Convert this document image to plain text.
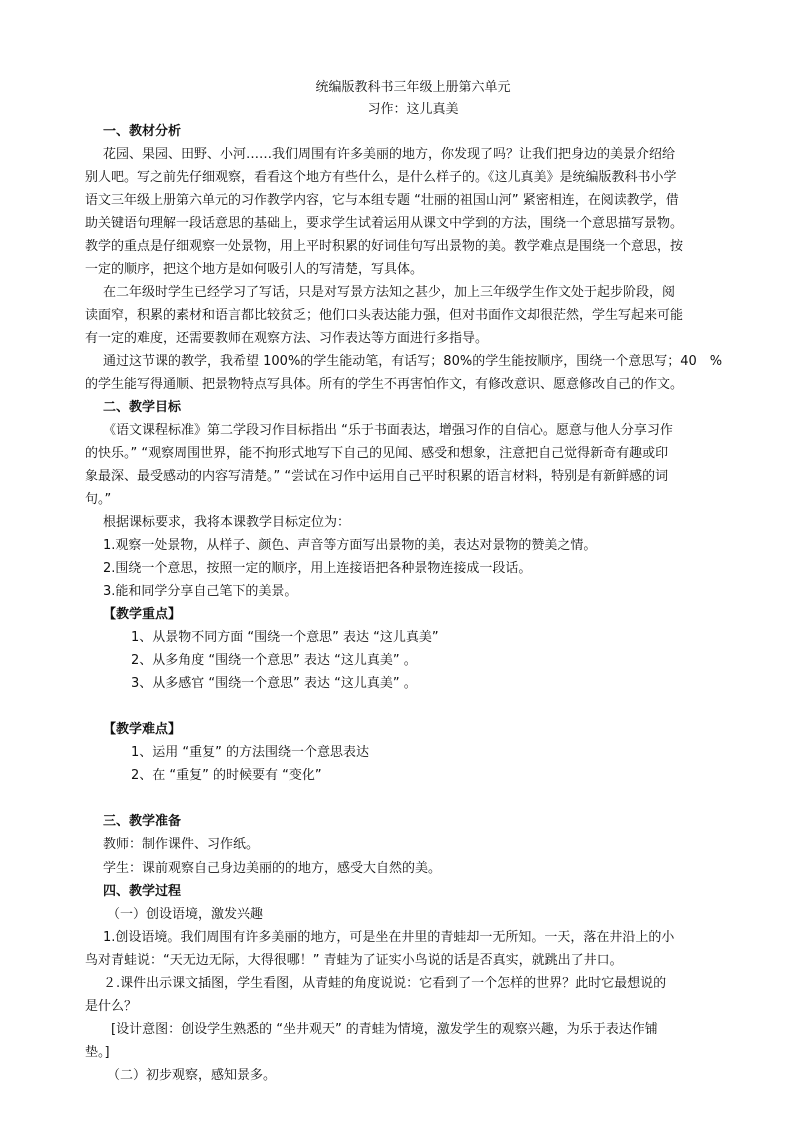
统编版教科书三年级上册第六单元
习作：这儿真美
一、教材分析
花园、果园、田野、小河……我们周围有许多美丽的地方，你发现了吗？让我们把身边的美景介绍给
别人吧。写之前先仔细观察，看看这个地方有些什么，是什么样子的。《这儿真美》是统编版教科书小学
语文三年级上册第六单元的习作教学内容，它与本组专题 “壮丽的祖国山河” 紧密相连，在阅读教学，借
助关键语句理解一段话意思的基础上，要求学生试着运用从课文中学到的方法，围绕一个意思描写景物。
教学的重点是仔细观察一处景物，用上平时积累的好词佳句写出景物的美。教学难点是围绕一个意思，按
一定的顺序，把这个地方是如何吸引人的写清楚，写具体。
在二年级时学生已经学习了写话，只是对写景方法知之甚少，加上三年级学生作文处于起步阶段，阅
读面窄，积累的素材和语言都比较贫乏；他们口头表达能力强，但对书面作文却很茫然，学生写起来可能
有一定的难度，还需要教师在观察方法、习作表达等方面进行多指导。
通过这节课的教学，我希望 100%的学生能动笔，有话写；80%的学生能按顺序，围绕一个意思写；40　%
的学生能写得通顺、把景物特点写具体。所有的学生不再害怕作文，有修改意识、愿意修改自己的作文。
二、教学目标
《语文课程标准》第二学段习作目标指出 “乐于书面表达，增强习作的自信心。愿意与他人分享习作
的快乐。” “观察周围世界，能不拘形式地写下自己的见闻、感受和想象，注意把自己觉得新奇有趣或印
象最深、最受感动的内容写清楚。” “尝试在习作中运用自己平时积累的语言材料，特别是有新鲜感的词
句。”
根据课标要求，我将本课教学目标定位为：
1.观察一处景物，从样子、颜色、声音等方面写出景物的美，表达对景物的赞美之情。
2.围绕一个意思，按照一定的顺序，用上连接语把各种景物连接成一段话。
3.能和同学分享自己笔下的美景。
【教学重点】
1、从景物不同方面 “围绕一个意思” 表达 “这儿真美”
2、从多角度 “围绕一个意思” 表达 “这儿真美” 。
3、从多感官 “围绕一个意思” 表达 “这儿真美” 。
【教学难点】
1、运用 “重复” 的方法围绕一个意思表达
2、在 “重复” 的时候要有 “变化”
三、教学准备
教师：制作课件、习作纸。
学生：课前观察自己身边美丽的的地方，感受大自然的美。
四、教学过程
（一）创设语境，激发兴趣
1.创设语境。我们周围有许多美丽的地方，可是坐在井里的青蛙却一无所知。一天，落在井沿上的小
鸟对青蛙说：“天无边无际，大得很哪！” 青蛙为了证实小鸟说的话是否真实，就跳出了井口。
２.课件出示课文插图，学生看图，从青蛙的角度说说：它看到了一个怎样的世界？此时它最想说的
是什么？
[设计意图：创设学生熟悉的 “坐井观天” 的青蛙为情境，激发学生的观察兴趣，为乐于表达作铺
垫。]
（二）初步观察，感知景多。
